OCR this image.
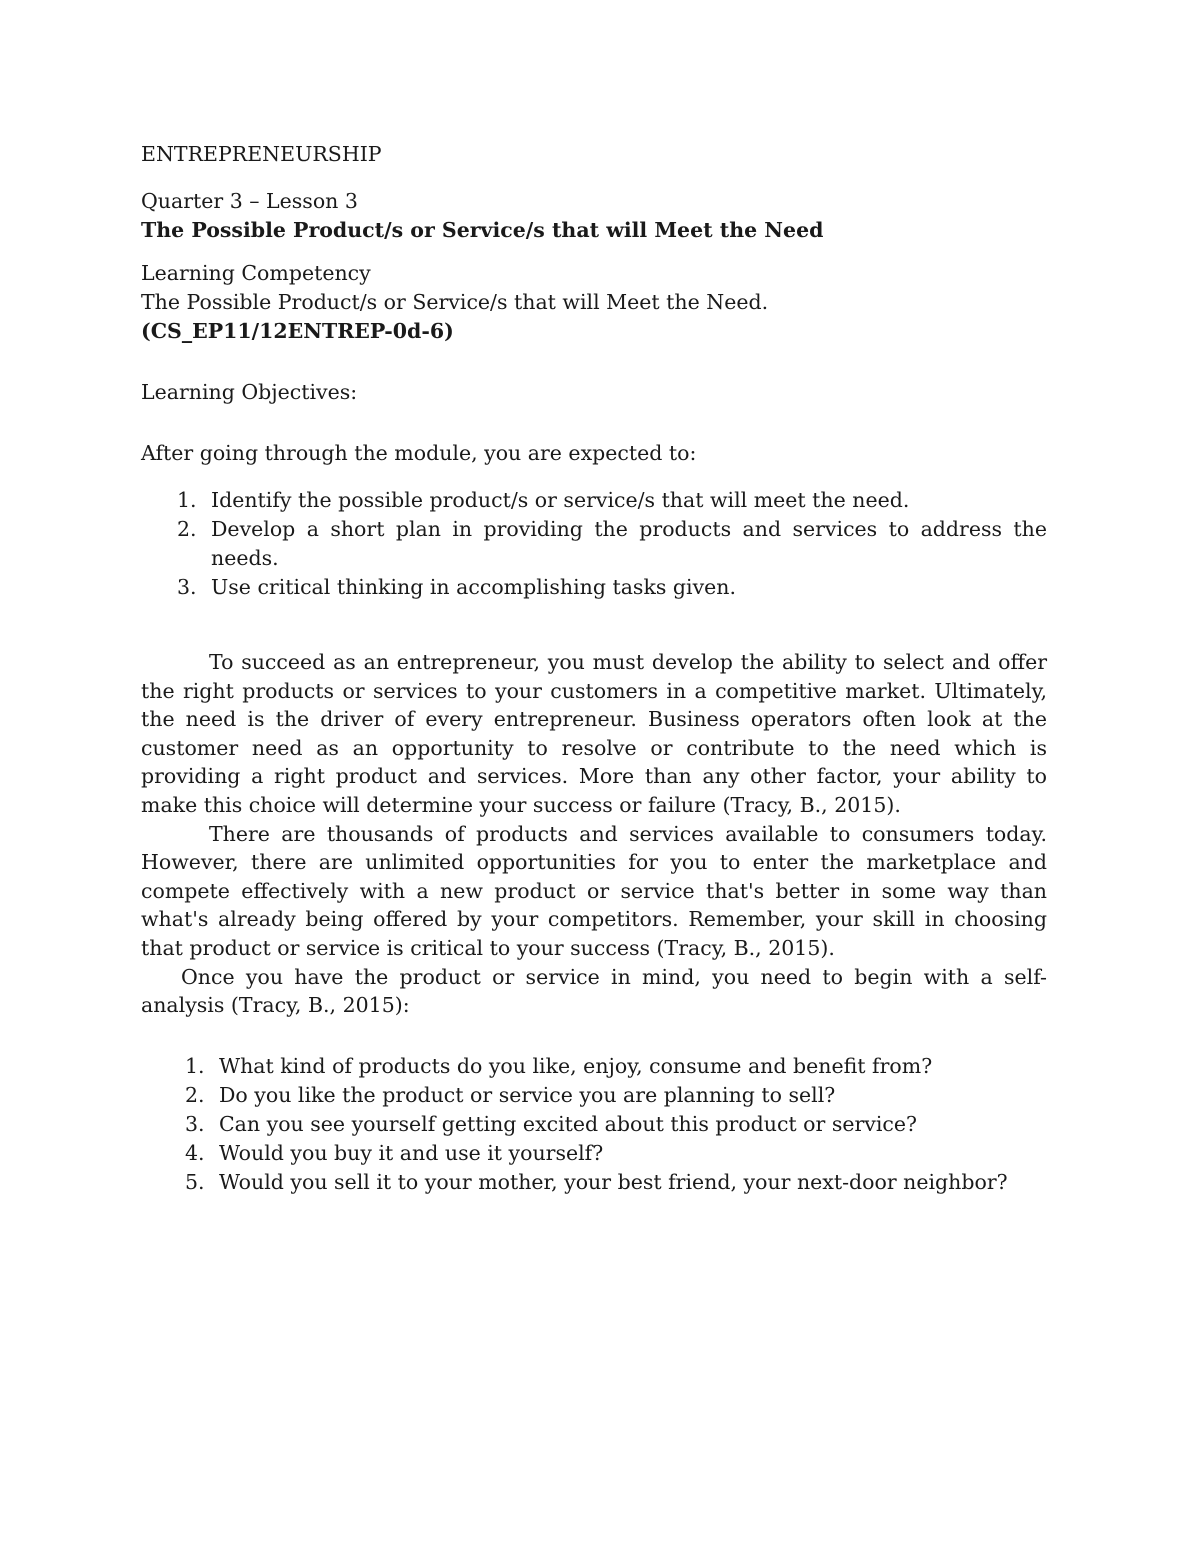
ENTREPRENEURSHIP

Quarter 3 – Lesson 3

The Possible Product/s or Service/s that will Meet the Need

Learning Competency

The Possible Product/s or Service/s that will Meet the Need.

(CS_EP11/12ENTREP-0d-6)

Learning Objectives:

After going through the module, you are expected to:

1. Identify the possible product/s or service/s that will meet the need.
2. Develop a short plan in providing the products and services to address the needs.
3. Use critical thinking in accomplishing tasks given.

To succeed as an entrepreneur, you must develop the ability to select and offer the right products or services to your customers in a competitive market. Ultimately, the need is the driver of every entrepreneur. Business operators often look at the customer need as an opportunity to resolve or contribute to the need which is providing a right product and services. More than any other factor, your ability to make this choice will determine your success or failure (Tracy, B., 2015).

There are thousands of products and services available to consumers today. However, there are unlimited opportunities for you to enter the marketplace and compete effectively with a new product or service that's better in some way than what's already being offered by your competitors. Remember, your skill in choosing that product or service is critical to your success (Tracy, B., 2015).

Once you have the product or service in mind, you need to begin with a self-analysis (Tracy, B., 2015):

1. What kind of products do you like, enjoy, consume and benefit from?
2. Do you like the product or service you are planning to sell?
3. Can you see yourself getting excited about this product or service?
4. Would you buy it and use it yourself?
5. Would you sell it to your mother, your best friend, your next-door neighbor?
